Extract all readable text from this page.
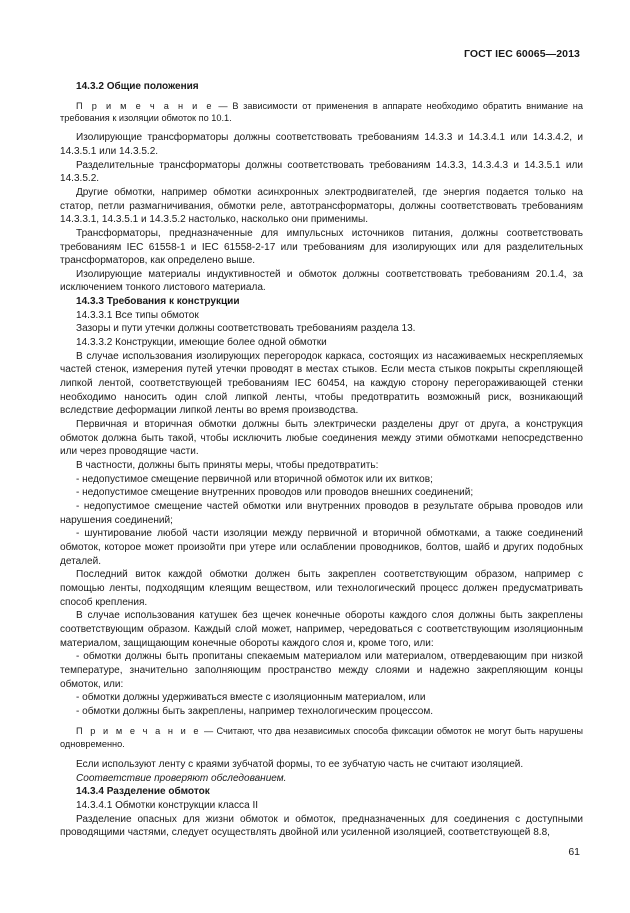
ГОСТ IEC 60065—2013

14.3.2 Общие положения

П р и м е ч а н и е — В зависимости от применения в аппарате необходимо обратить внимание на требования к изоляции обмоток по 10.1.

Изолирующие трансформаторы должны соответствовать требованиям 14.3.3 и 14.3.4.1 или 14.3.4.2, и 14.3.5.1 или 14.3.5.2.

Разделительные трансформаторы должны соответствовать требованиям 14.3.3, 14.3.4.3 и 14.3.5.1 или 14.3.5.2.

Другие обмотки, например обмотки асинхронных электродвигателей, где энергия подается только на статор, петли размагничивания, обмотки реле, автотрансформаторы, должны соответствовать требованиям 14.3.3.1, 14.3.5.1 и 14.3.5.2 настолько, насколько они применимы.

Трансформаторы, предназначенные для импульсных источников питания, должны соответствовать требованиям IEC 61558-1 и IEC 61558-2-17 или требованиям для изолирующих или для разделительных трансформаторов, как определено выше.

Изолирующие материалы индуктивностей и обмоток должны соответствовать требованиям 20.1.4, за исключением тонкого листового материала.

14.3.3 Требования к конструкции

14.3.3.1 Все типы обмоток

Зазоры и пути утечки должны соответствовать требованиям раздела 13.

14.3.3.2 Конструкции, имеющие более одной обмотки

В случае использования изолирующих перегородок каркаса, состоящих из насаживаемых нескрепляемых частей стенок, измерения путей утечки проводят в местах стыков. Если места стыков покрыты скрепляющей липкой лентой, соответствующей требованиям IEC 60454, на каждую сторону перегораживающей стенки необходимо наносить один слой липкой ленты, чтобы предотвратить возможный риск, возникающий вследствие деформации липкой ленты во время производства.

Первичная и вторичная обмотки должны быть электрически разделены друг от друга, а конструкция обмоток должна быть такой, чтобы исключить любые соединения между этими обмотками непосредственно или через проводящие части.

В частности, должны быть приняты меры, чтобы предотвратить:

- недопустимое смещение первичной или вторичной обмоток или их витков;

- недопустимое смещение внутренних проводов или проводов внешних соединений;

- недопустимое смещение частей обмотки или внутренних проводов в результате обрыва проводов или нарушения соединений;

- шунтирование любой части изоляции между первичной и вторичной обмотками, а также соединений обмоток, которое может произойти при утере или ослаблении проводников, болтов, шайб и других подобных деталей.

Последний виток каждой обмотки должен быть закреплен соответствующим образом, например с помощью ленты, подходящим клеящим веществом, или технологический процесс должен предусматривать способ крепления.

В случае использования катушек без щечек конечные обороты каждого слоя должны быть закреплены соответствующим образом. Каждый слой может, например, чередоваться с соответствующим изоляционным материалом, защищающим конечные обороты каждого слоя и, кроме того, или:

- обмотки должны быть пропитаны спекаемым материалом или материалом, отвердевающим при низкой температуре, значительно заполняющим пространство между слоями и надежно закрепляющим концы обмоток, или:

- обмотки должны удерживаться вместе с изоляционным материалом, или

- обмотки должны быть закреплены, например технологическим процессом.

П р и м е ч а н и е — Считают, что два независимых способа фиксации обмоток не могут быть нарушены одновременно.

Если используют ленту с краями зубчатой формы, то ее зубчатую часть не считают изоляцией.

Соответствие проверяют обследованием.

14.3.4 Разделение обмоток

14.3.4.1 Обмотки конструкции класса II

Разделение опасных для жизни обмоток и обмоток, предназначенных для соединения с доступными проводящими частями, следует осуществлять двойной или усиленной изоляцией, соответствующей 8.8,

61
